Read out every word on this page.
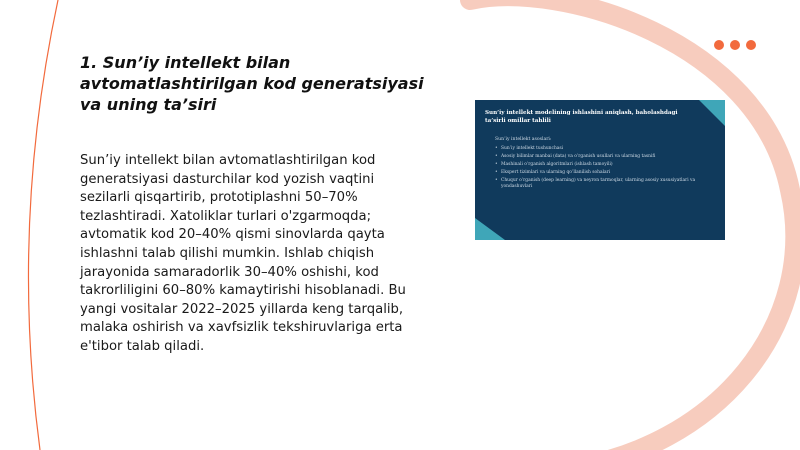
1. Sun’iy intellekt bilan avtomatlashtirilgan kod generatsiyasi va uning ta’siri
Sun’iy intellekt bilan avtomatlashtirilgan kod generatsiyasi dasturchilar kod yozish vaqtini sezilarli qisqartirib, prototiplashni 50–70% tezlashtiradi. Xatoliklar turlari o'zgarmoqda; avtomatik kod 20–40% qismi sinovlarda qayta ishlashni talab qilishi mumkin. Ishlab chiqish jarayonida samaradorlik 30–40% oshishi, kod takrorliligini 60–80% kamaytirishi hisoblanadi. Bu yangi vositalar 2022–2025 yillarda keng tarqalib, malaka oshirish va xavfsizlik tekshiruvlariga erta e'tibor talab qiladi.
Sun’iy intellekt modelining ishlashini aniqlash, baholashdagi ta’sirli omillar tahlili
Sun’iy intellekt asoslari:
• Sun’iy intellekt tushunchasi
• Asosiy bilimlar manbai (data) va o‘rganish usullari va ularning tasnifi
• Mashinali o‘rganish algoritmlari (ishlash tamoyili)
• Ekspert tizimlari va ularning qo‘llanilish sohalari
• Chuqur o‘rganish (deep learning) va neyron tarmoqlar, ularning asosiy xususiyatlari va yondashuvlari
